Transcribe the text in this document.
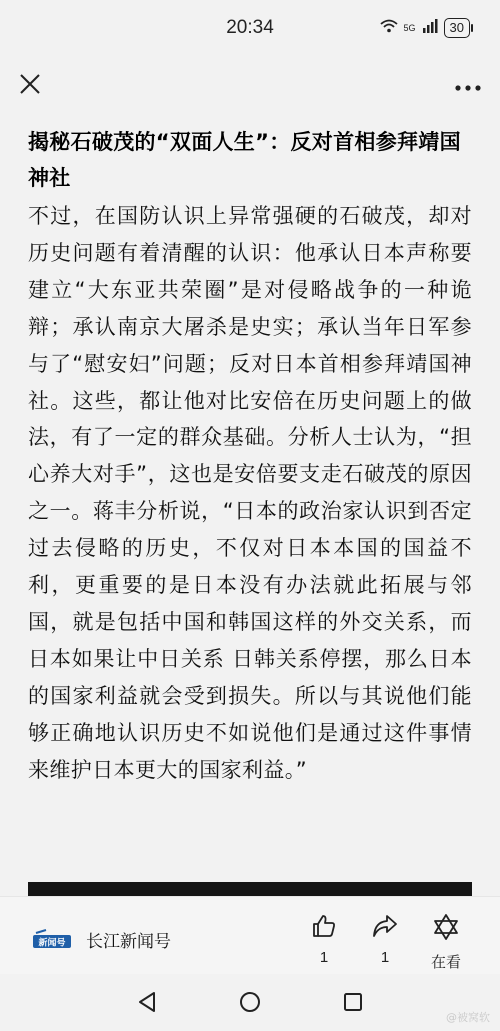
20:34	5G	30
揭秘石破茂的“双面人生”：反对首相参拜靖国神社
不过，在国防认识上异常强硬的石破茂，却对历史问题有着清醒的认识：他承认日本声称要建立“大东亚共荣圈”是对侵略战争的一种诡辩；承认南京大屠杀是史实；承认当年日军参与了“慰安妇”问题；反对日本首相参拜靖国神社。这些，都让他对比安倍在历史问题上的做法，有了一定的群众基础。分析人士认为，“担心养大对手”，这也是安倍要支走石破茂的原因之一。蒋丰分析说，“日本的政治家认识到否定过去侵略的历史，不仅对日本本国的国益不利，更重要的是日本没有办法就此拓展与邻国，就是包括中国和韩国这样的外交关系，而日本如果让中日关系 日韩关系停摆，那么日本的国家利益就会受到损失。所以与其说他们能够正确地认识历史不如说他们是通过这件事情来维护日本更大的国家利益。”
新闻号 长江新闻号
1	1	在看
@被窝软
